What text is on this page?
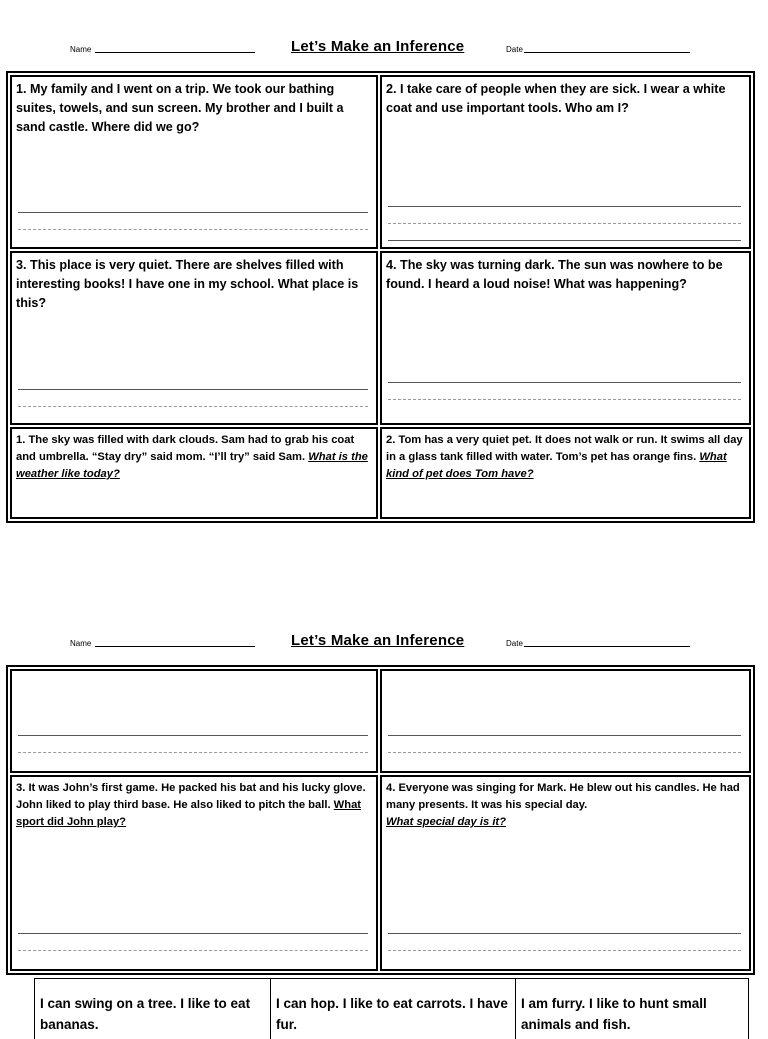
Name	Let’s Make an Inference	Date

1. My family and I went on a trip. We took our bathing suites, towels, and sun screen. My brother and I built a sand castle. Where did we go?

2. I take care of people when they are sick. I wear a white coat and use important tools. Who am I?

3. This place is very quiet. There are shelves filled with interesting books! I have one in my school. What place is this?

4. The sky was turning dark. The sun was nowhere to be found. I heard a loud noise! What was happening?

1. The sky was filled with dark clouds. Sam had to grab his coat and umbrella. “Stay dry” said mom. “I’ll try” said Sam. What is the weather like today?

2. Tom has a very quiet pet. It does not walk or run. It swims all day in a glass tank filled with water. Tom’s pet has orange fins. What kind of pet does Tom have?

Name	Let’s Make an Inference	Date

3. It was John’s first game. He packed his bat and his lucky glove. John liked to play third base. He also liked to pitch the ball. What sport did John play?

4. Everyone was singing for Mark. He blew out his candles. He had many presents. It was his special day.
What special day is it?

I can swing on a tree. I like to eat bananas.
I can hop. I like to eat carrots. I have fur.
I am furry. I like to hunt small animals and fish.
